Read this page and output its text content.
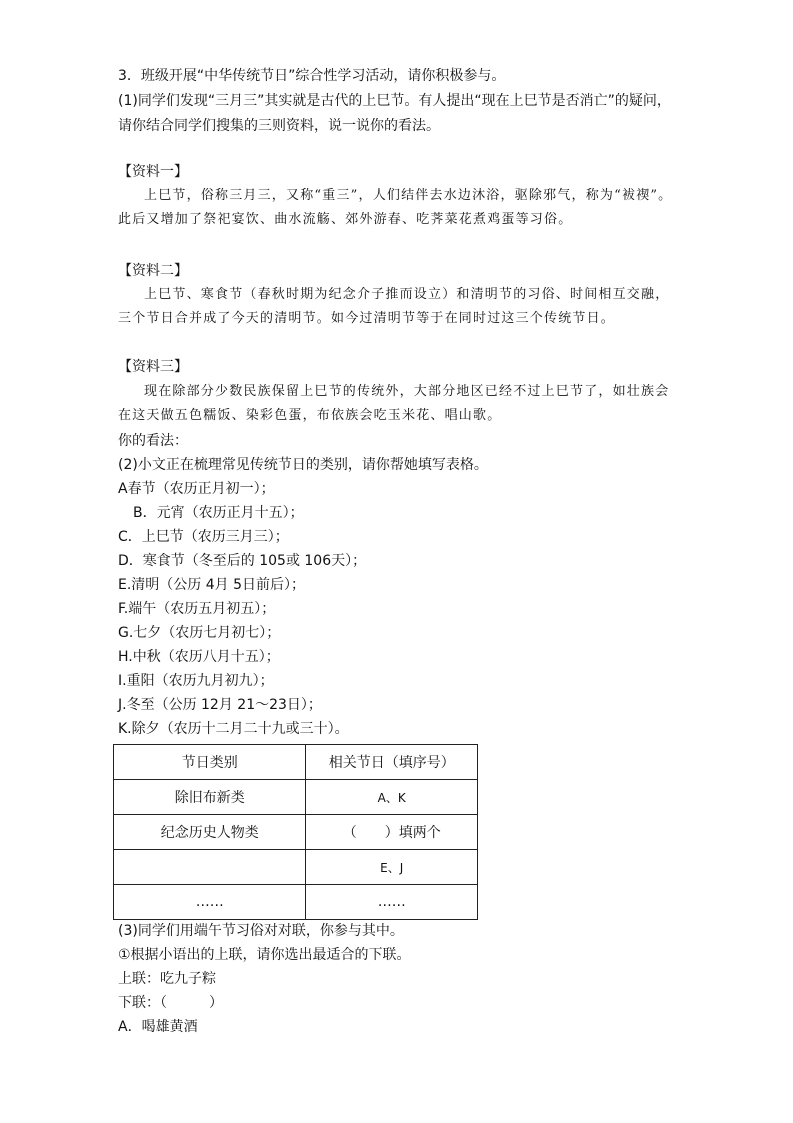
3．班级开展“中华传统节日”综合性学习活动，请你积极参与。

(1)同学们发现“三月三”其实就是古代的上巳节。有人提出“现在上巳节是否消亡”的疑问，请你结合同学们搜集的三则资料，说一说你的看法。

【资料一】

上巳节，俗称三月三，又称“重三”，人们结伴去水边沐浴，驱除邪气，称为“袚禊”。此后又增加了祭祀宴饮、曲水流觞、郊外游春、吃荠菜花煮鸡蛋等习俗。

【资料二】

上巳节、寒食节（春秋时期为纪念介子推而设立）和清明节的习俗、时间相互交融，三个节日合并成了今天的清明节。如今过清明节等于在同时过这三个传统节日。

【资料三】

现在除部分少数民族保留上巳节的传统外，大部分地区已经不过上巳节了，如壮族会在这天做五色糯饭、染彩色蛋，布依族会吃玉米花、唱山歌。

你的看法：

(2)小文正在梳理常见传统节日的类别，请你帮她填写表格。

A春节（农历正月初一）；

B．元宵（农历正月十五）；

C．上巳节（农历三月三）；

D．寒食节（冬至后的 105或 106天）；

E.清明（公历 4月 5日前后）；

F.端午（农历五月初五）；

G.七夕（农历七月初七）；

H.中秋（农历八月十五）；

I.重阳（农历九月初九）；

J.冬至（公历 12月 21～23日）；

K.除夕（农历十二月二十九或三十）。

节日类别	相关节日（填序号）
除旧布新类	A、K
纪念历史人物类	（　　）填两个
	E、J
……	……

(3)同学们用端午节习俗对对联，你参与其中。

①根据小语出的上联，请你选出最适合的下联。

上联：吃九子粽

下联：（　　　）

A．喝雄黄酒
